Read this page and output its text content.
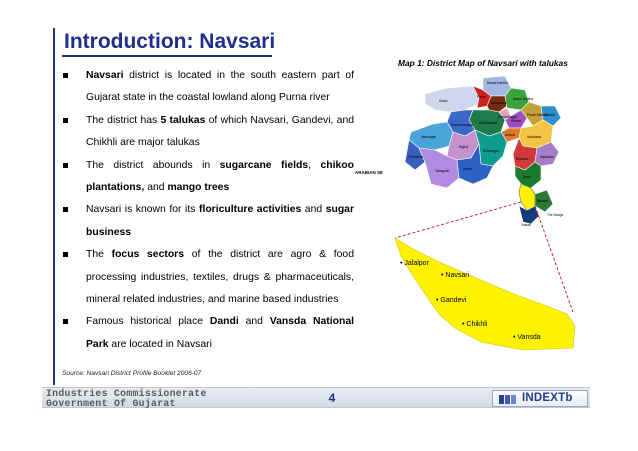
Introduction: Navsari
Navsari district is located in the south eastern part of Gujarat state in the coastal lowland along Purna river
The district has 5 talukas of which Navsari, Gandevi, and Chikhli are major talukas
The district abounds in sugarcane fields, chikoo plantations, and mango trees
Navsari is known for its floriculture activities and sugar business
The focus sectors of the district are agro & food processing industries, textiles, drugs & pharmaceuticals, mineral related industries, and marine based industries
Famous historical place Dandi and Vansda National Park are located in Navsari
Source: Navsari District Profile Booklet 2006-07
Map 1: District Map of Navsari with talukas
Kutch
Banas Kantha
Patan
Mahesana
Sabar Kantha
Gandhinagar
Ahmedabad
Surendranagar
Rajkot
Jamnagar
Porbandar
Junagadh	Amreli
Bhavnagar
Anand
Kheda
Panch Mahals
Dohad
Vadodara
Narmada
Bharuch
Surat
The Dangs
Valsad
Navsari
ARABIAN SE
• Jalalpor
• Navsari
• Gandevi
• Chikhli
• Vansda
Industries Commissionerate
Government Of Gujarat	4	INDEXTb
